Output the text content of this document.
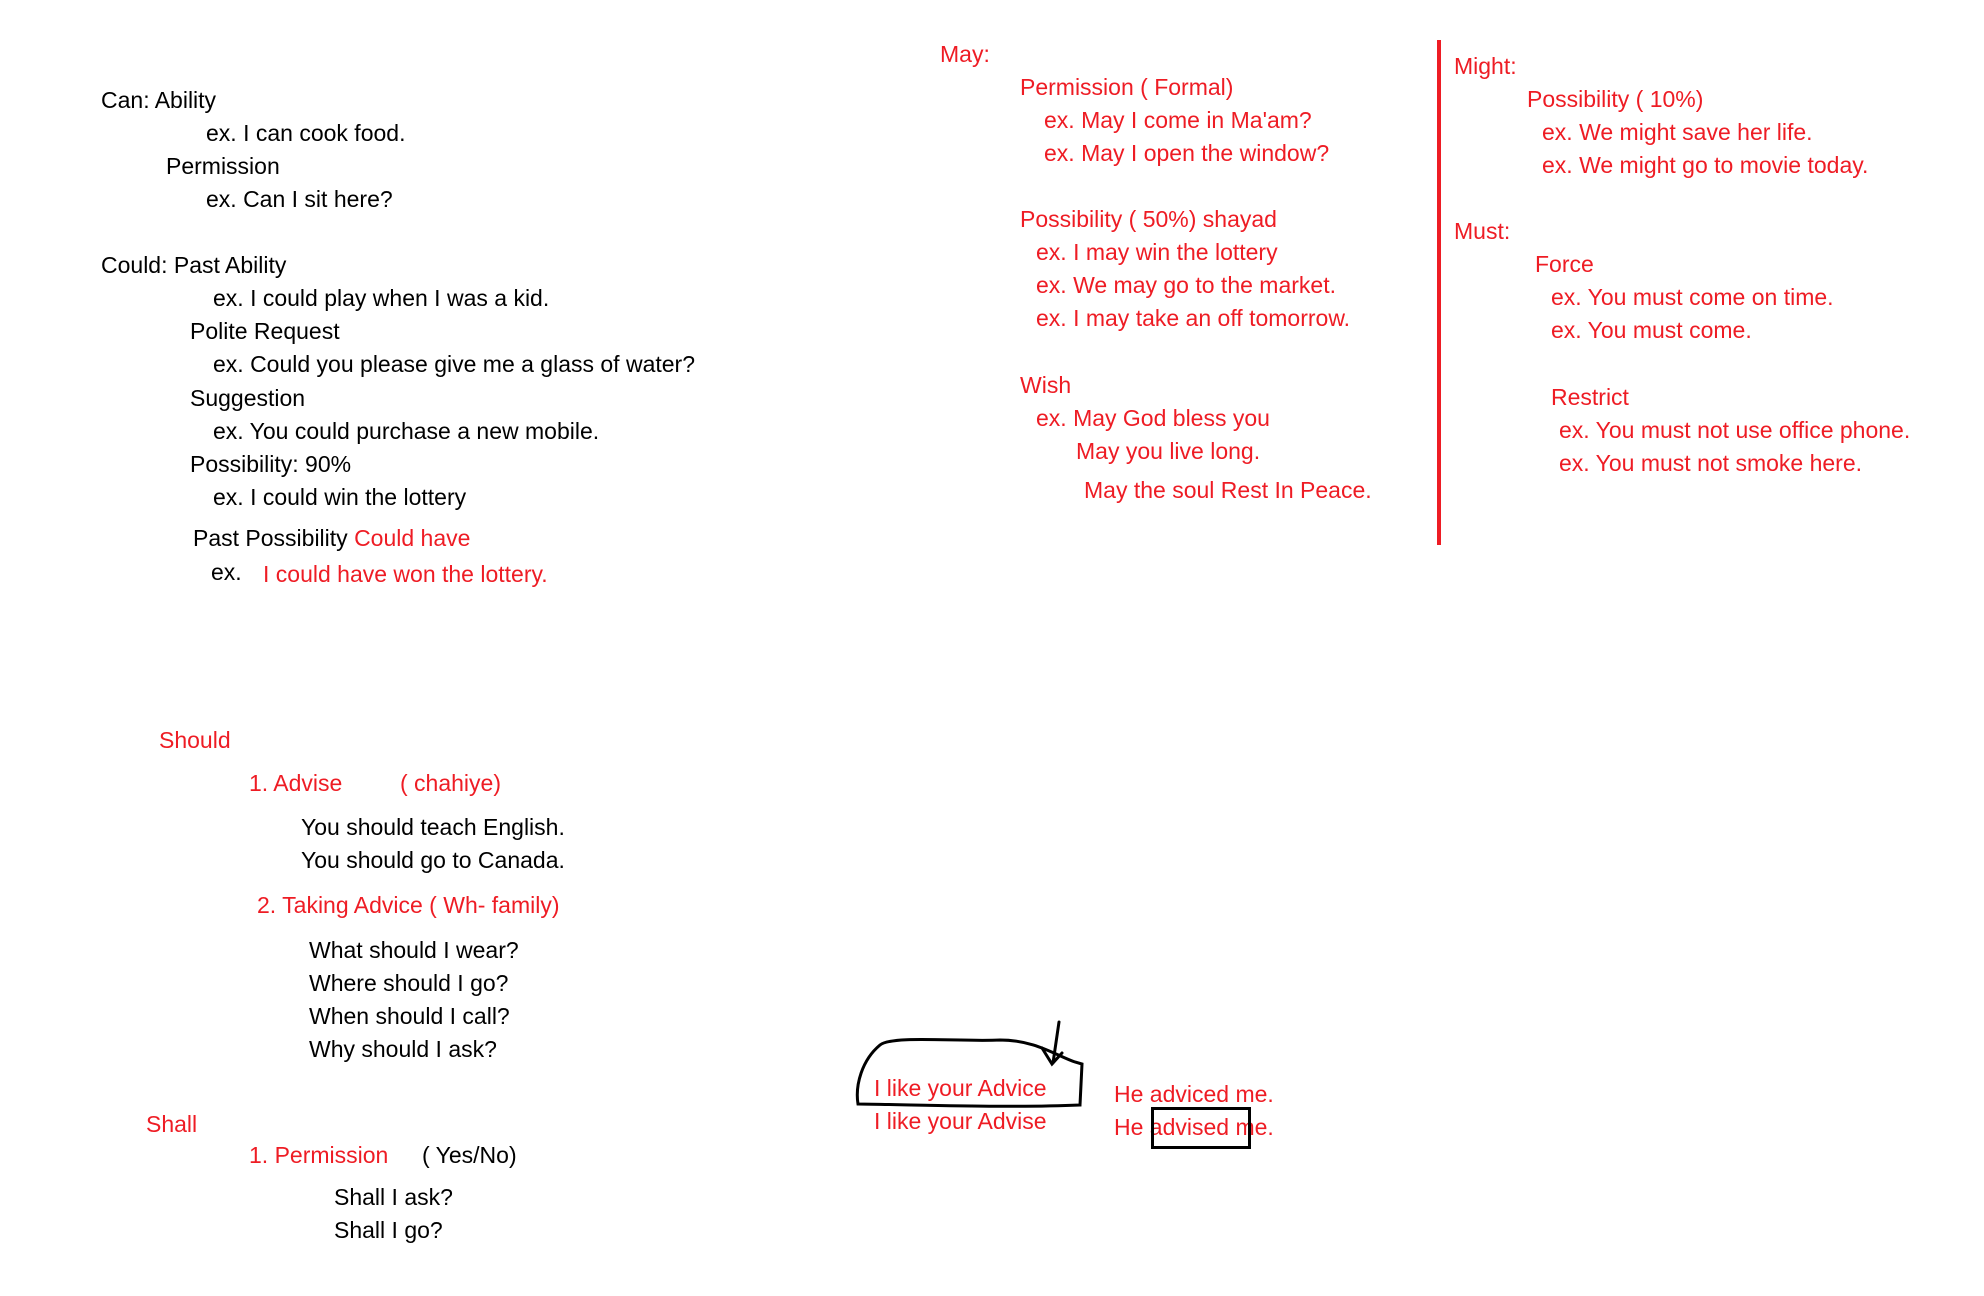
Can: Ability
ex. I can cook food.
Permission
ex. Can I sit here?
Could: Past Ability
ex. I could play when I was a kid.
Polite Request
ex. Could you please give me a glass of water?
Suggestion
ex. You could purchase a new mobile.
Possibility: 90%
ex. I could win the lottery
Past Possibility Could have
ex. I could have won the lottery.
May:
Permission ( Formal)
ex. May I come in Ma'am?
ex. May I open the window?
Possibility ( 50%) shayad
ex. I may win the lottery
ex. We may go to the market.
ex. I may take an off tomorrow.
Wish
ex. May God bless you
May you live long.
May the soul Rest In Peace.
Might:
Possibility ( 10%)
ex. We might save her life.
ex. We might go to movie today.
Must:
Force
ex. You must come on time.
ex. You must come.
Restrict
ex. You must not use office phone.
ex. You must not smoke here.
Should
1. Advise	( chahiye)
You should teach English.
You should go to Canada.
2. Taking Advice ( Wh- family)
What should I wear?
Where should I go?
When should I call?
Why should I ask?
Shall
1. Permission ( Yes/No)
Shall I ask?
Shall I go?
I like your Advice
I like your Advise
He adviced me.
He advised me.
